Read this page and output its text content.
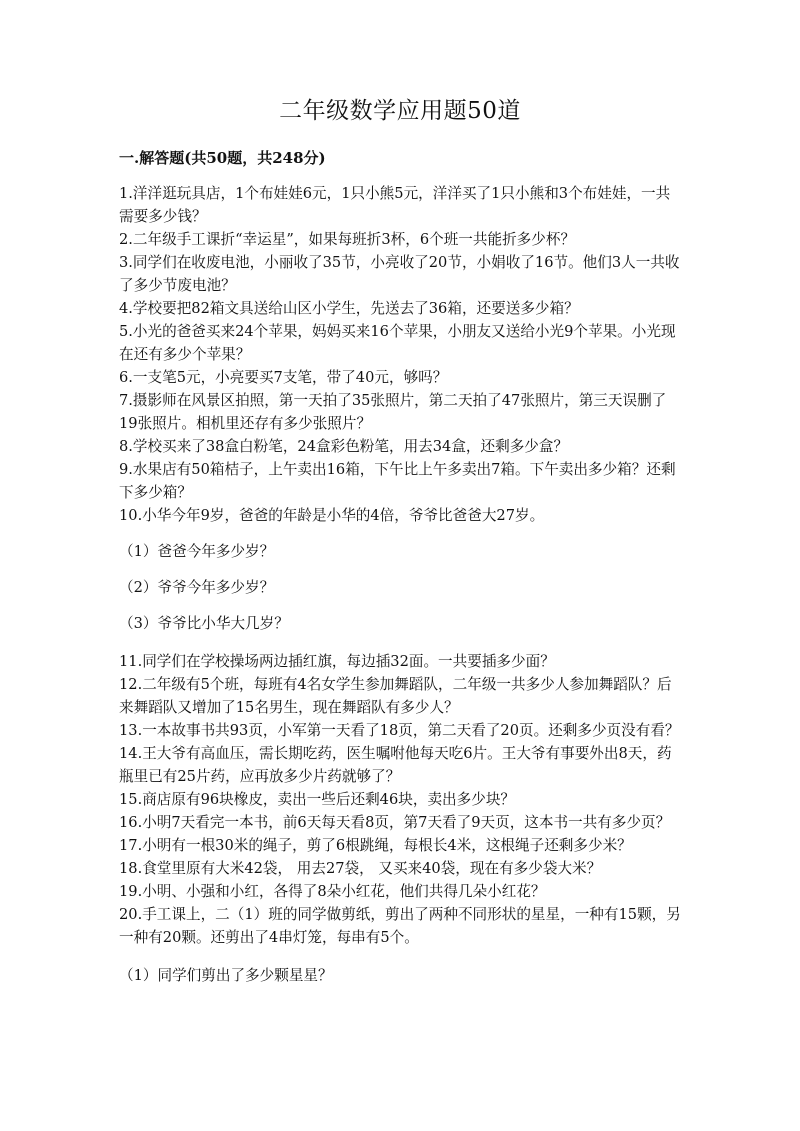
二年级数学应用题50道
一.解答题(共50题，共248分)

1.洋洋逛玩具店，1个布娃娃6元，1只小熊5元，洋洋买了1只小熊和3个布娃娃，一共需要多少钱？

2.二年级手工课折“幸运星”，如果每班折3杯，6个班一共能折多少杯？

3.同学们在收废电池，小丽收了35节，小亮收了20节，小娟收了16节。他们3人一共收了多少节废电池？

4.学校要把82箱文具送给山区小学生，先送去了36箱，还要送多少箱？

5.小光的爸爸买来24个苹果，妈妈买来16个苹果，小朋友又送给小光9个苹果。小光现在还有多少个苹果？

6.一支笔5元，小亮要买7支笔，带了40元，够吗？

7.摄影师在风景区拍照，第一天拍了35张照片，第二天拍了47张照片，第三天误删了19张照片。相机里还存有多少张照片？

8.学校买来了38盒白粉笔，24盒彩色粉笔，用去34盒，还剩多少盒？

9.水果店有50箱桔子，上午卖出16箱，下午比上午多卖出7箱。下午卖出多少箱？还剩下多少箱？

10.小华今年9岁，爸爸的年龄是小华的4倍，爷爷比爸爸大27岁。

（1）爸爸今年多少岁？

（2）爷爷今年多少岁？

（3）爷爷比小华大几岁？

11.同学们在学校操场两边插红旗，每边插32面。一共要插多少面？

12.二年级有5个班，每班有4名女学生参加舞蹈队，二年级一共多少人参加舞蹈队？后来舞蹈队又增加了15名男生，现在舞蹈队有多少人？

13.一本故事书共93页，小军第一天看了18页，第二天看了20页。还剩多少页没有看？

14.王大爷有高血压，需长期吃药，医生嘱咐他每天吃6片。王大爷有事要外出8天，药瓶里已有25片药，应再放多少片药就够了？

15.商店原有96块橡皮，卖出一些后还剩46块，卖出多少块？

16.小明7天看完一本书，前6天每天看8页，第7天看了9天页，这本书一共有多少页？

17.小明有一根30米的绳子，剪了6根跳绳，每根长4米，这根绳子还剩多少米？

18.食堂里原有大米42袋， 用去27袋， 又买来40袋，现在有多少袋大米？

19.小明、小强和小红，各得了8朵小红花，他们共得几朵小红花？

20.手工课上，二（1）班的同学做剪纸，剪出了两种不同形状的星星，一种有15颗，另一种有20颗。还剪出了4串灯笼，每串有5个。

（1）同学们剪出了多少颗星星？
